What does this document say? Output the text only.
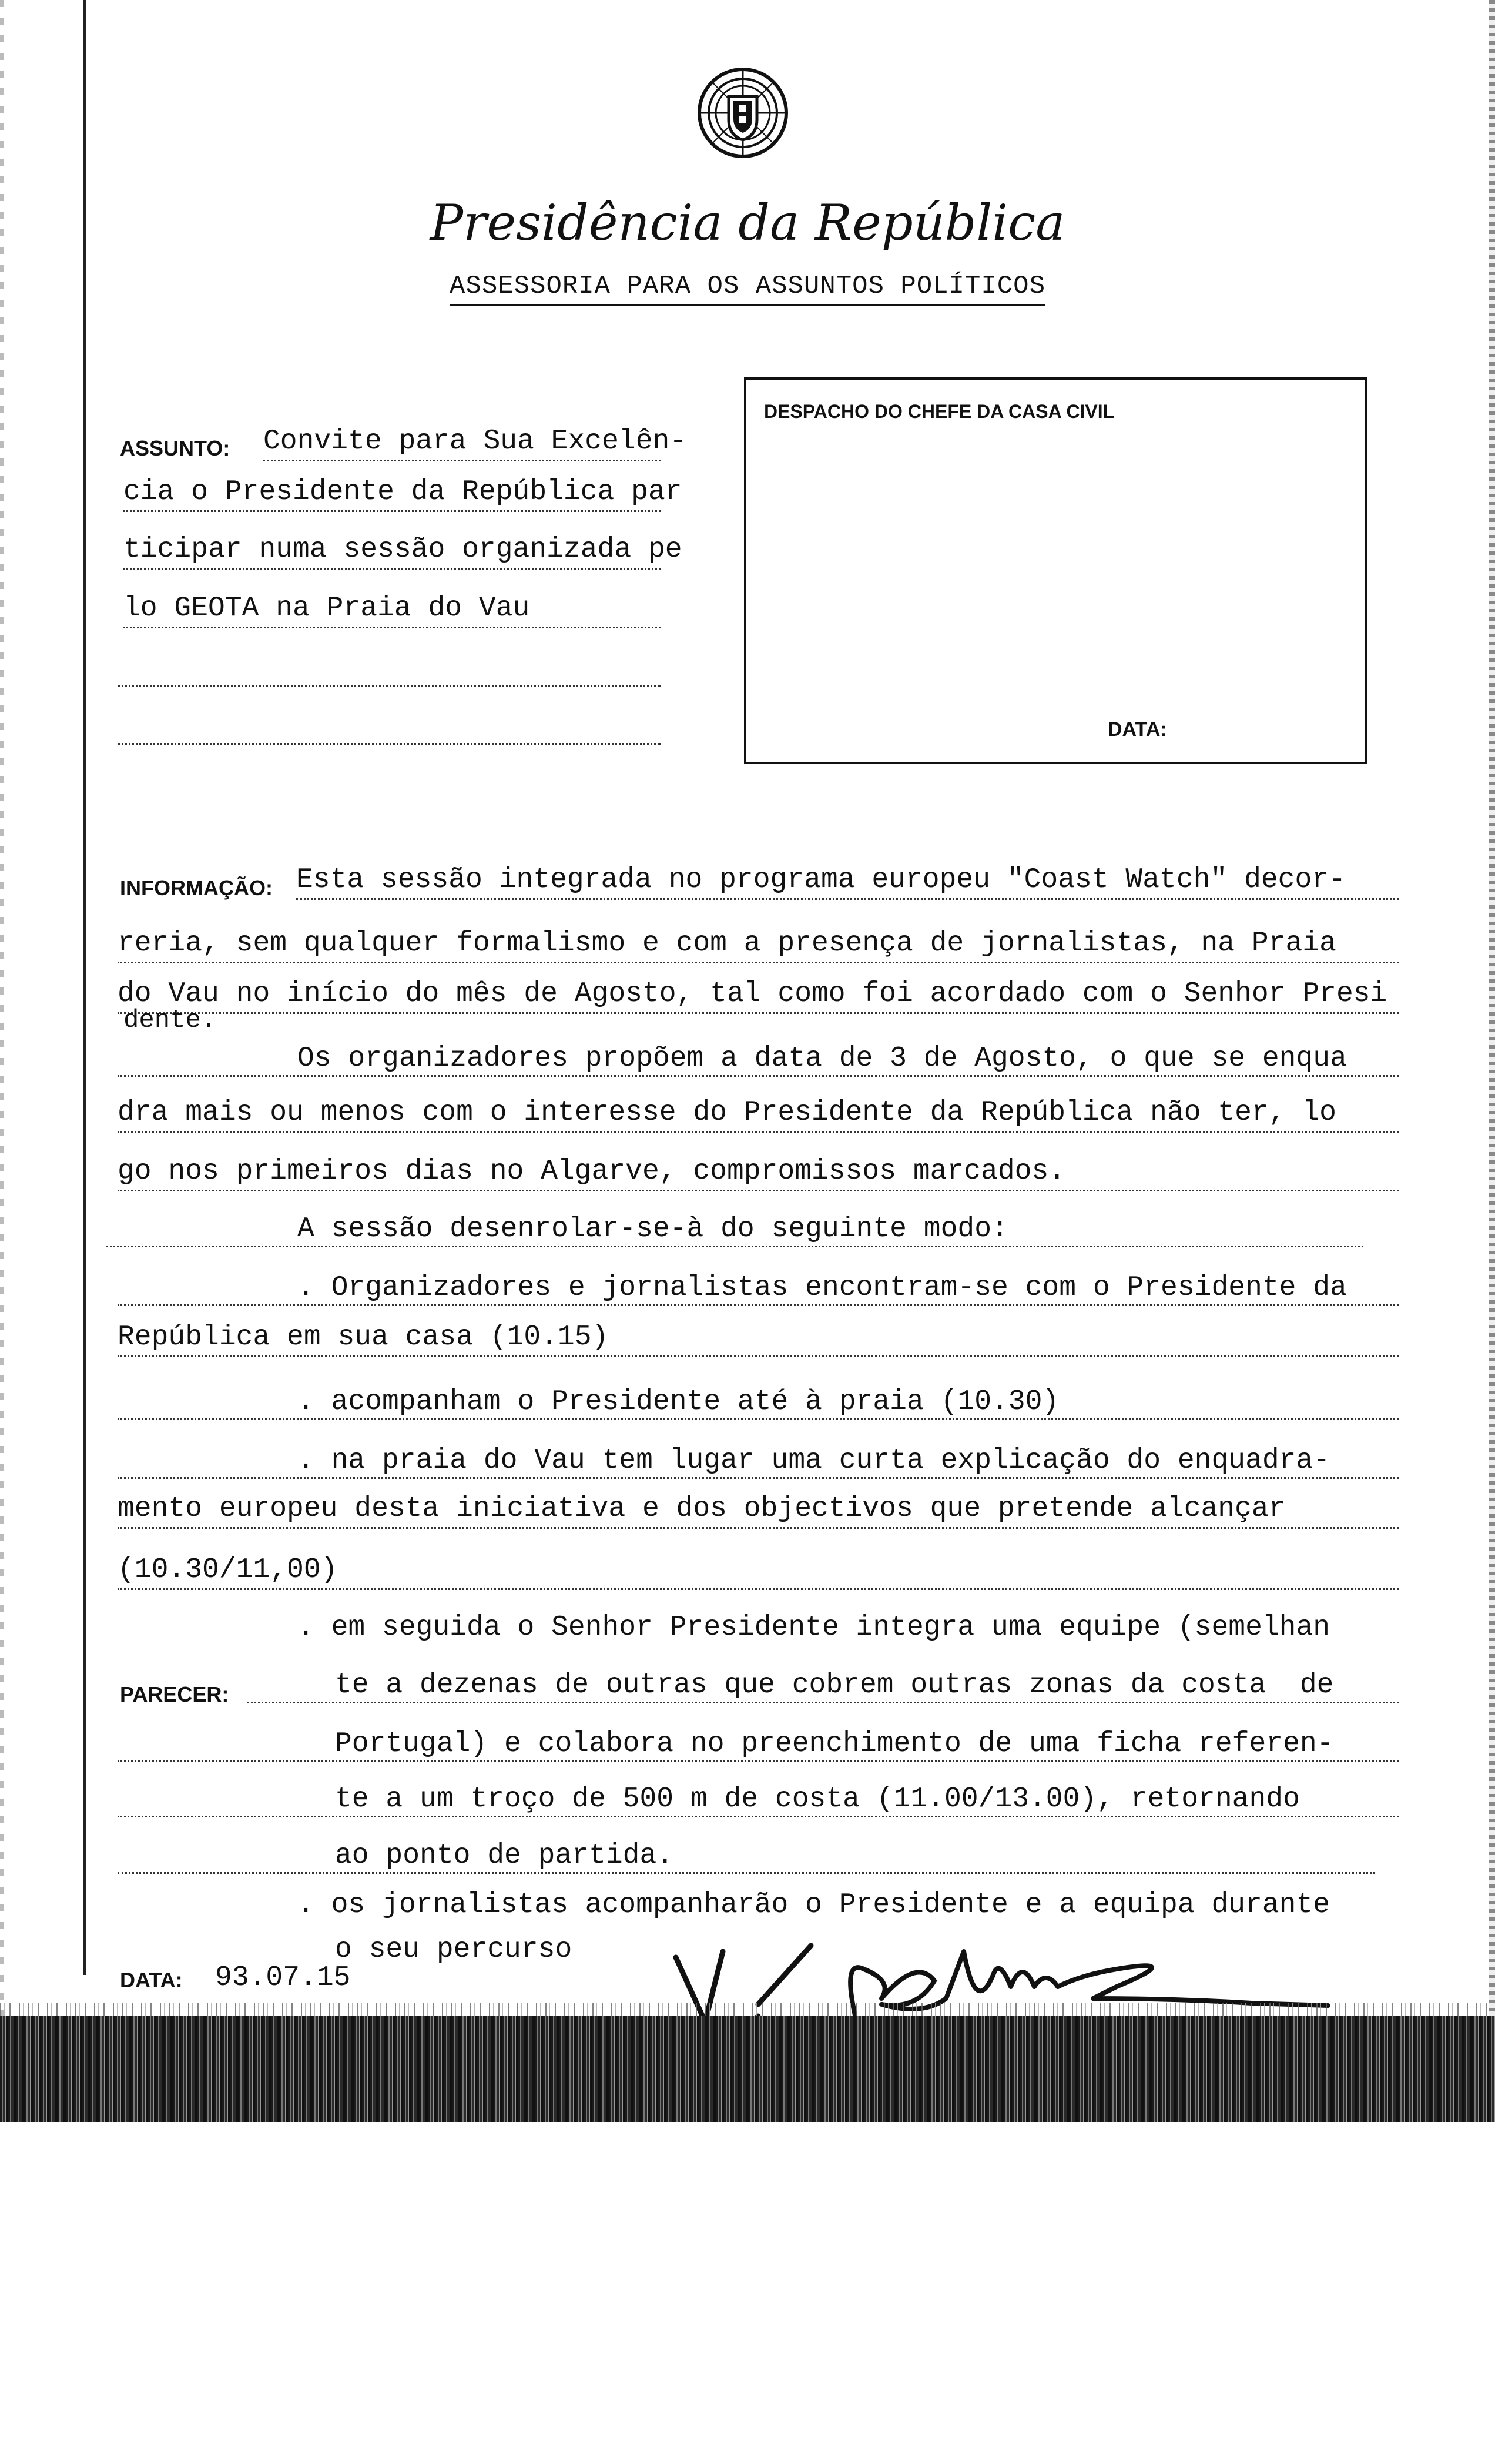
Presidência da República
ASSESSORIA PARA OS ASSUNTOS POLÍTICOS
ASSUNTO: Convite para Sua Excelên-
cia o Presidente da República par
ticipar numa sessão organizada pe
lo GEOTA na Praia do Vau
DESPACHO DO CHEFE DA CASA CIVIL
DATA:
INFORMAÇÃO: Esta sessão integrada no programa europeu "Coast Watch" decor-
reria, sem qualquer formalismo e com a presença de jornalistas, na Praia
do Vau no início do mês de Agosto, tal como foi acordado com o Senhor Presi
dente.
Os organizadores propõem a data de 3 de Agosto, o que se enqua
dra mais ou menos com o interesse do Presidente da República não ter, lo
go nos primeiros dias no Algarve, compromissos marcados.
A sessão desenrolar-se-à do seguinte modo:
. Organizadores e jornalistas encontram-se com o Presidente da
República em sua casa (10.15)
. acompanham o Presidente até à praia (10.30)
. na praia do Vau tem lugar uma curta explicação do enquadra-
mento europeu desta iniciativa e dos objectivos que pretende alcançar
(10.30/11,00)
. em seguida o Senhor Presidente integra uma equipe (semelhan
PARECER:	te a dezenas de outras que cobrem outras zonas da costa  de
Portugal) e colabora no preenchimento de uma ficha referen-
te a um troço de 500 m de costa (11.00/13.00), retornando
ao ponto de partida.
. os jornalistas acompanharão o Presidente e a equipa durante
o seu percurso
DATA: 93.07.15
